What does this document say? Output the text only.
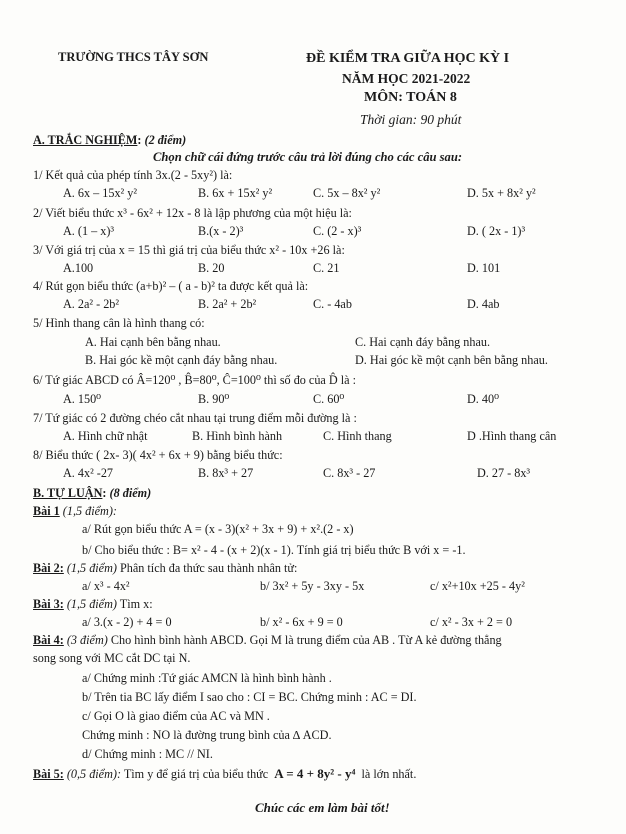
TRƯỜNG THCS TÂY SƠN	ĐỀ KIỂM TRA GIỮA HỌC KỲ I
NĂM HỌC 2021-2022
MÔN: TOÁN 8
Thời gian: 90 phút
A. TRẮC NGHIỆM: (2 điểm)
Chọn chữ cái đứng trước câu trả lời đúng cho các câu sau:
1/ Kết quả của phép tính 3x.(2 - 5xy²) là:
A. 6x – 15x² y²	B. 6x + 15x² y²	C. 5x – 8x² y²	D. 5x + 8x² y²
2/ Viết biểu thức x³ - 6x² + 12x - 8 là lập phương của một hiệu là:
A. (1 – x)³	B.(x - 2)³	C. (2 - x)³	D. ( 2x - 1)³
3/ Với giá trị của x = 15 thì giá trị của biểu thức x² - 10x +26 là:
A.100	B. 20	C. 21	D. 101
4/ Rút gọn biểu thức (a+b)² – ( a - b)² ta được kết quả là:
A. 2a² - 2b²	B. 2a² + 2b²	C. - 4ab	D. 4ab
5/ Hình thang cân là hình thang có:
A. Hai cạnh bên bằng nhau.	C. Hai cạnh đáy bằng nhau.
B. Hai góc kề một cạnh đáy bằng nhau.	D. Hai góc kề một cạnh bên bằng nhau.
6/ Tứ giác ABCD có Â=120⁰ , B̂=80⁰, Ĉ=100⁰ thì số đo của D̂ là :
A. 150⁰	B. 90⁰	C. 60⁰	D. 40⁰
7/ Tứ giác có 2 đường chéo cắt nhau tại trung điểm mỗi đường là :
A. Hình chữ nhật	B. Hình bình hành	C. Hình thang	D .Hình thang cân
8/ Biểu thức ( 2x- 3)( 4x² + 6x + 9) bằng biểu thức:
A. 4x² -27	B. 8x³ + 27	C. 8x³ - 27	D. 27 - 8x³
B. TỰ LUẬN: (8 điểm)
Bài 1 (1,5 điểm):
a/ Rút gọn biểu thức A = (x - 3)(x² + 3x + 9) + x².(2 - x)
b/ Cho biểu thức : B= x² - 4 - (x + 2)(x - 1). Tính giá trị biểu thức B với x = -1.
Bài 2: (1,5 điểm) Phân tích đa thức sau thành nhân tử:
a/ x³ - 4x²	b/ 3x² + 5y - 3xy - 5x	c/ x²+10x +25 - 4y²
Bài 3: (1,5 điểm) Tìm x:
a/ 3.(x - 2) + 4 = 0	b/ x² - 6x + 9 = 0	c/ x² - 3x + 2 = 0
Bài 4: (3 điểm) Cho hình bình hành ABCD. Gọi M là trung điểm của AB . Từ A kẻ đường thẳng
song song với MC cắt DC tại N.
a/ Chứng minh :Tứ giác AMCN là hình bình hành .
b/ Trên tia BC lấy điểm I sao cho : CI = BC. Chứng minh : AC = DI.
c/ Gọi O là giao điểm của AC và MN .
Chứng minh : NO là đường trung bình của ∆ ACD.
d/ Chứng minh : MC // NI.
Bài 5: (0,5 điểm): Tìm y để giá trị của biểu thức A = 4 + 8y² - y⁴ là lớn nhất.
Chúc các em làm bài tốt!
